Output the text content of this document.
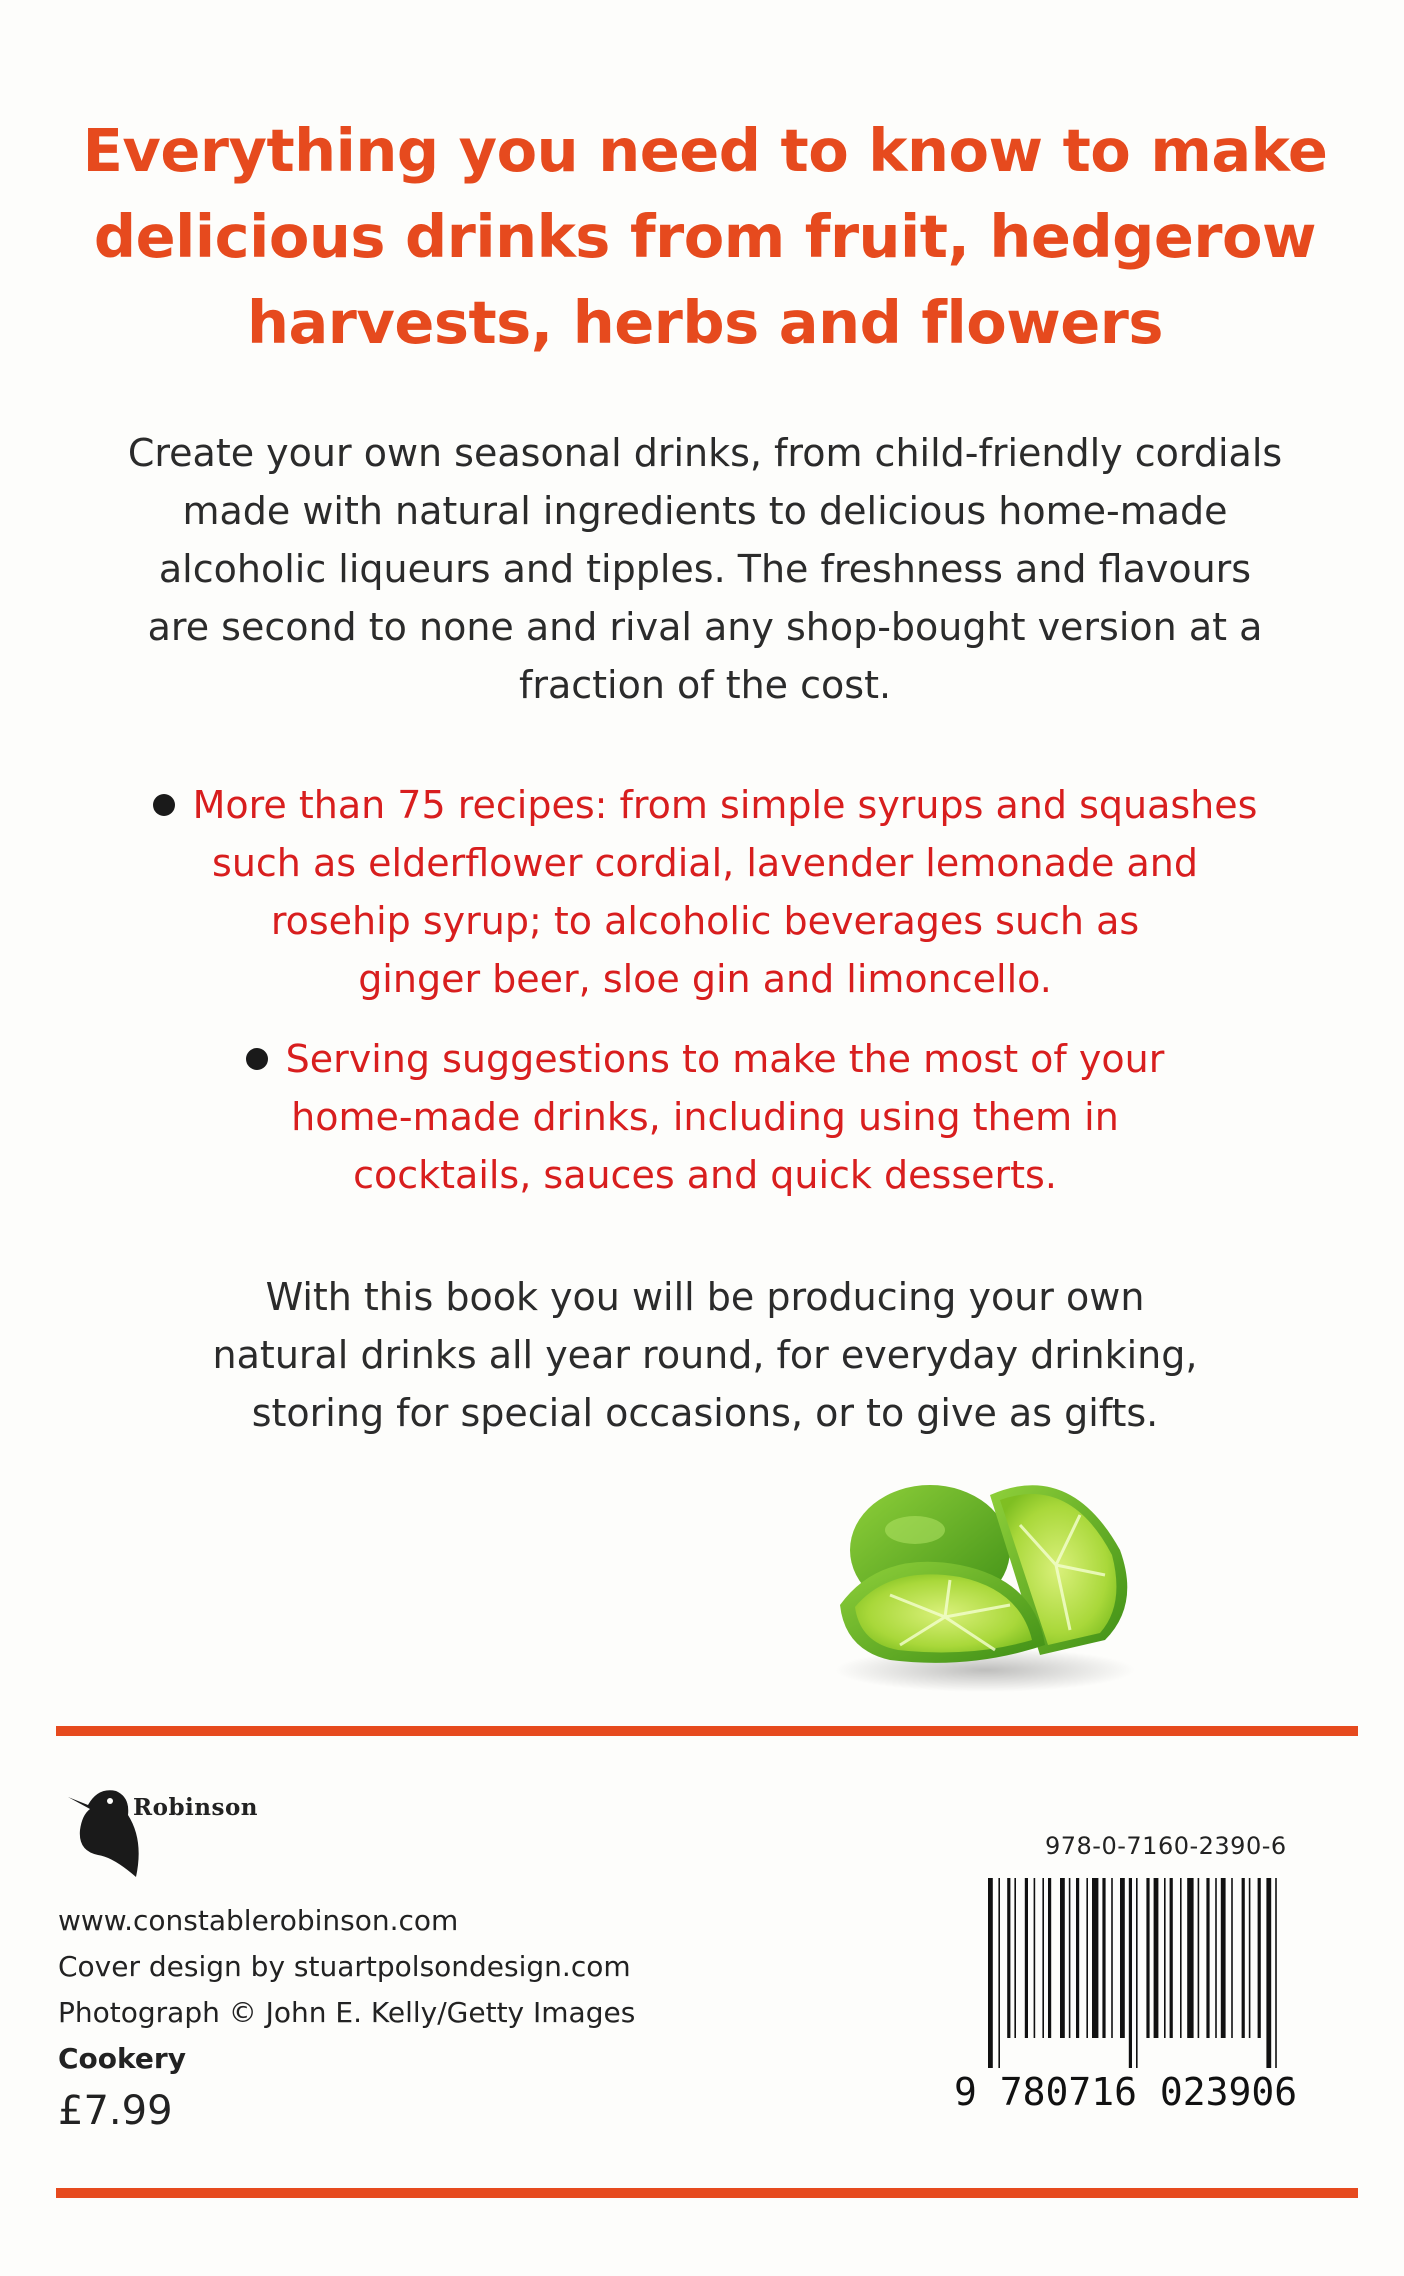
Everything you need to know to make
delicious drinks from fruit, hedgerow
harvests, herbs and flowers
Create your own seasonal drinks, from child-friendly cordials
made with natural ingredients to delicious home-made
alcoholic liqueurs and tipples. The freshness and flavours
are second to none and rival any shop-bought version at a
fraction of the cost.
More than 75 recipes: from simple syrups and squashes
such as elderflower cordial, lavender lemonade and
rosehip syrup; to alcoholic beverages such as
ginger beer, sloe gin and limoncello.
Serving suggestions to make the most of your
home-made drinks, including using them in
cocktails, sauces and quick desserts.
With this book you will be producing your own
natural drinks all year round, for everyday drinking,
storing for special occasions, or to give as gifts.
Robinson
www.constablerobinson.com
Cover design by stuartpolsondesign.com
Photograph © John E. Kelly/Getty Images
Cookery
£7.99
978-0-7160-2390-6
9 780716 023906
